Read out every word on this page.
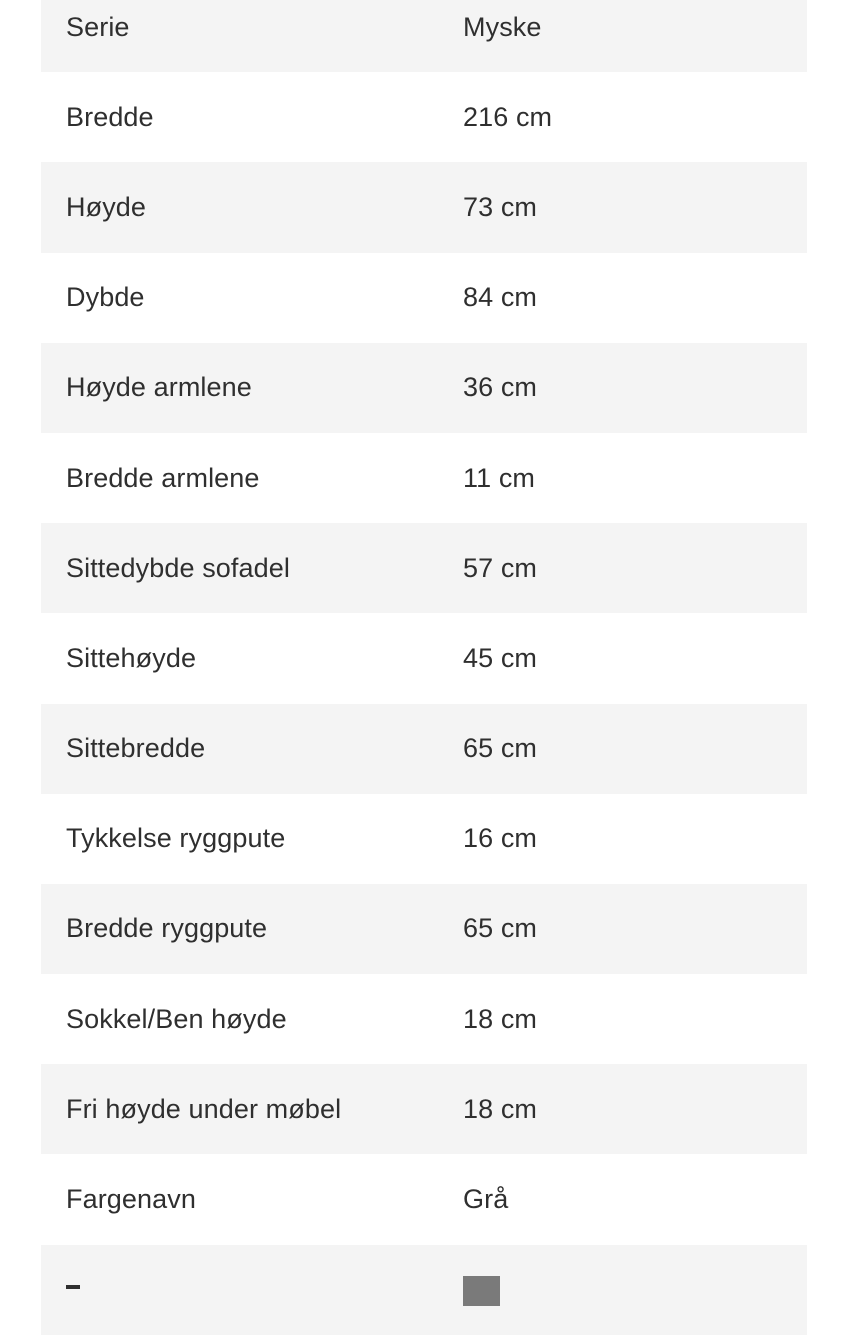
Serie	Myske
Bredde	216 cm
Høyde	73 cm
Dybde	84 cm
Høyde armlene	36 cm
Bredde armlene	11 cm
Sittedybde sofadel	57 cm
Sittehøyde	45 cm
Sittebredde	65 cm
Tykkelse ryggpute	16 cm
Bredde ryggpute	65 cm
Sokkel/Ben høyde	18 cm
Fri høyde under møbel	18 cm
Fargenavn	Grå
